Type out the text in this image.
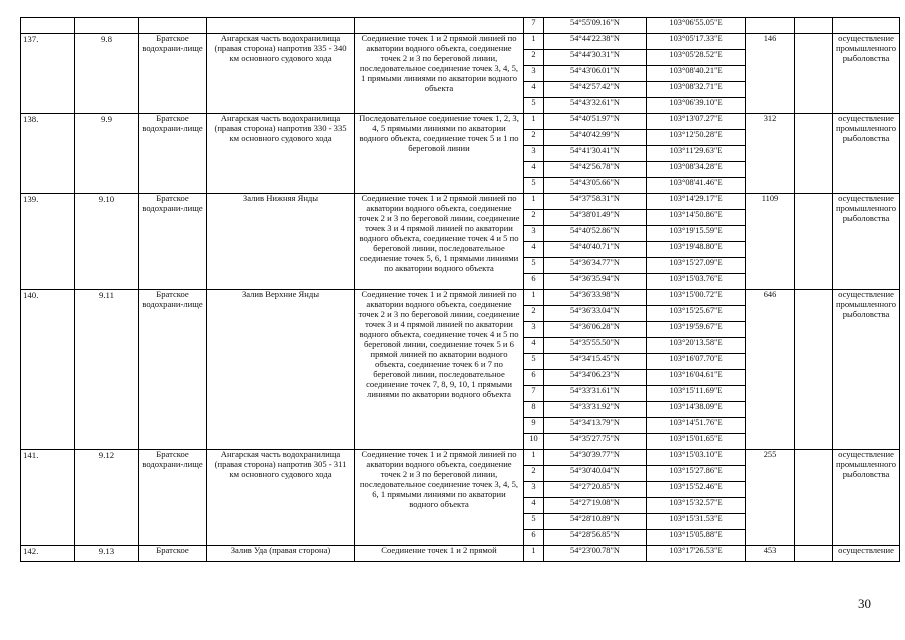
					7	54°55'09.16"N	103°06'55.05"E			
137.	9.8	Братское водохрани-лище	Ангарская часть водохранилища (правая сторона) напротив 335 - 340 км основного судового хода	Соединение точек 1 и 2 прямой линией по акватории водного объекта, соединение точек 2 и 3 по береговой линии, последовательное соединение точек 3, 4, 5, 1 прямыми линиями по акватории водного объекта	1	54°44'22.38"N	103°05'17.33"E	146		осуществление промышленного рыболовства
					2	54°44'30.31"N	103°05'28.52"E			
					3	54°43'06.01"N	103°08'40.21"E			
					4	54°42'57.42"N	103°08'32.71"E			
					5	54°43'32.61"N	103°06'39.10"E			
138.	9.9	Братское водохрани-лище	Ангарская часть водохранилища (правая сторона) напротив 330 - 335 км основного судового хода	Последовательное соединение точек 1, 2, 3, 4, 5 прямыми линиями по акватории водного объекта, соединение точек 5 и 1 по береговой линии	1	54°40'51.97"N	103°13'07.27"E	312		осуществление промышленного рыболовства
					2	54°40'42.99"N	103°12'50.28"E			
					3	54°41'30.41"N	103°11'29.63"E			
					4	54°42'56.78"N	103°08'34.28"E			
					5	54°43'05.66"N	103°08'41.46"E			
139.	9.10	Братское водохрани-лище	Залив Нижняя Янды	Соединение точек 1 и 2 прямой линией по акватории водного объекта, соединение точек 2 и 3 по береговой линии, соединение точек 3 и 4 прямой линией по акватории водного объекта, соединение точек 4 и 5 по береговой линии, последовательное соединение точек 5, 6, 1 прямыми линиями по акватории водного объекта	1	54°37'58.31"N	103°14'29.17"E	1109		осуществление промышленного рыболовства
					2	54°38'01.49"N	103°14'50.86"E			
					3	54°40'52.86"N	103°19'15.59"E			
					4	54°40'40.71"N	103°19'48.80"E			
					5	54°36'34.77"N	103°15'27.09"E			
					6	54°36'35.94"N	103°15'03.76"E			
140.	9.11	Братское водохрани-лище	Залив Верхние Янды	Соединение точек 1 и 2 прямой линией по акватории водного объекта, соединение точек 2 и 3 по береговой линии, соединение точек 3 и 4 прямой линией по акватории водного объекта, соединение точек 4 и 5 по береговой линии, соединение точек 5 и 6 прямой линией по акватории водного объекта, соединение точек 6 и 7 по береговой линии, последовательное соединение точек 7, 8, 9, 10, 1 прямыми линиями по акватории водного объекта	1	54°36'33.98"N	103°15'00.72"E	646		осуществление промышленного рыболовства
					2	54°36'33.04"N	103°15'25.67"E			
					3	54°36'06.28"N	103°19'59.67"E			
					4	54°35'55.50"N	103°20'13.58"E			
					5	54°34'15.45"N	103°16'07.70"E			
					6	54°34'06.23"N	103°16'04.61"E			
					7	54°33'31.61"N	103°15'11.69"E			
					8	54°33'31.92"N	103°14'38.09"E			
					9	54°34'13.79"N	103°14'51.76"E			
					10	54°35'27.75"N	103°15'01.65"E			
141.	9.12	Братское водохрани-лище	Ангарская часть водохранилища (правая сторона) напротив 305 - 311 км основного судового хода	Соединение точек 1 и 2 прямой линией по акватории водного объекта, соединение точек 2 и 3 по береговой линии, последовательное соединение точек 3, 4, 5, 6, 1 прямыми линиями по акватории водного объекта	1	54°30'39.77"N	103°15'03.10"E	255		осуществление промышленного рыболовства
					2	54°30'40.04"N	103°15'27.86"E			
					3	54°27'20.85"N	103°15'52.46"E			
					4	54°27'19.08"N	103°15'32.57"E			
					5	54°28'10.89"N	103°15'31.53"E			
					6	54°28'56.85"N	103°15'05.88"E			
142.	9.13	Братское	Залив Уда (правая сторона)	Соединение точек 1 и 2 прямой	1	54°23'00.78"N	103°17'26.53"E	453		осуществление
30
